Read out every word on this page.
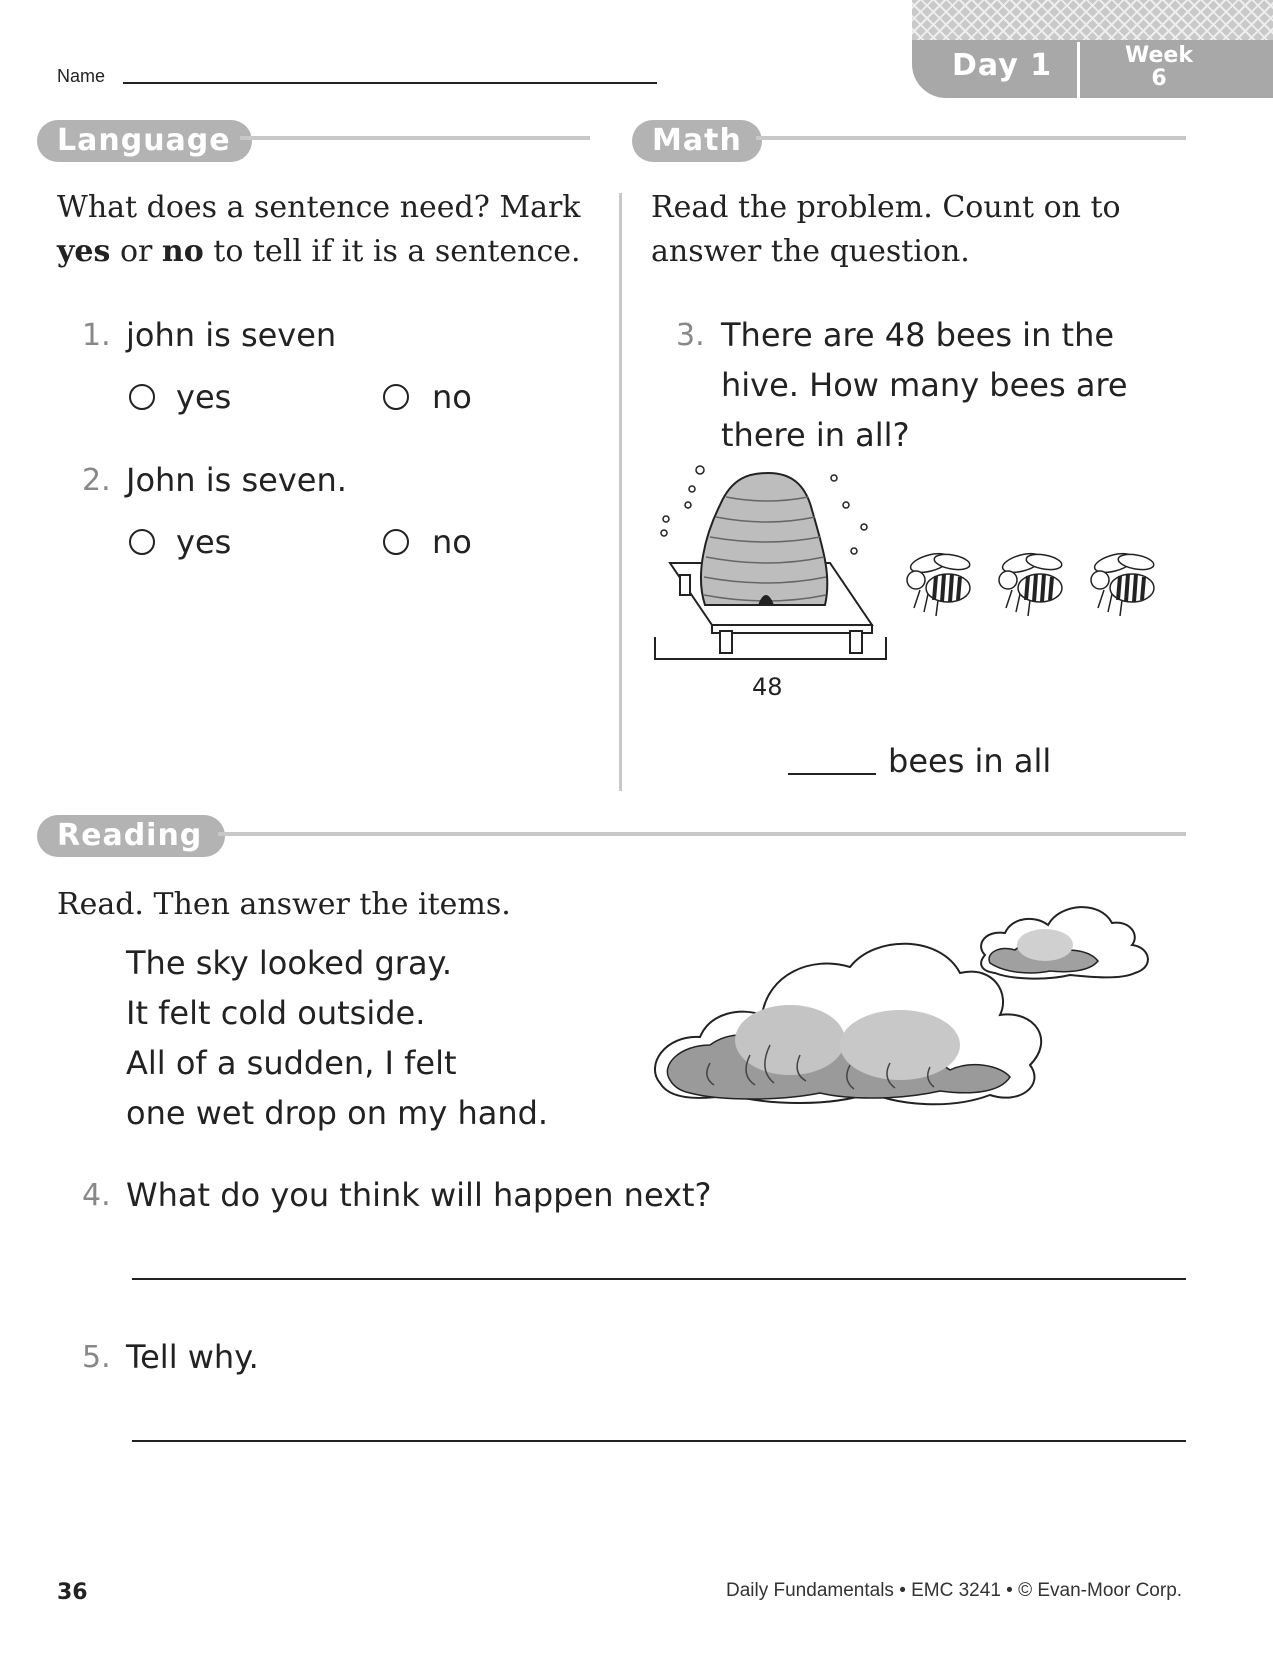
Name	Day 1	Week
6
Language
What does a sentence need? Mark
yes or no to tell if it is a sentence.
1. john is seven
yes	no
2. John is seven.
yes	no
Math
Read the problem. Count on to
answer the question.
3. There are 48 bees in the
hive. How many bees are
there in all?
48
bees in all
Reading
Read. Then answer the items.
The sky looked gray.
It felt cold outside.
All of a sudden, I felt
one wet drop on my hand.
4. What do you think will happen next?
5. Tell why.
36	Daily Fundamentals • EMC 3241 • © Evan-Moor Corp.
